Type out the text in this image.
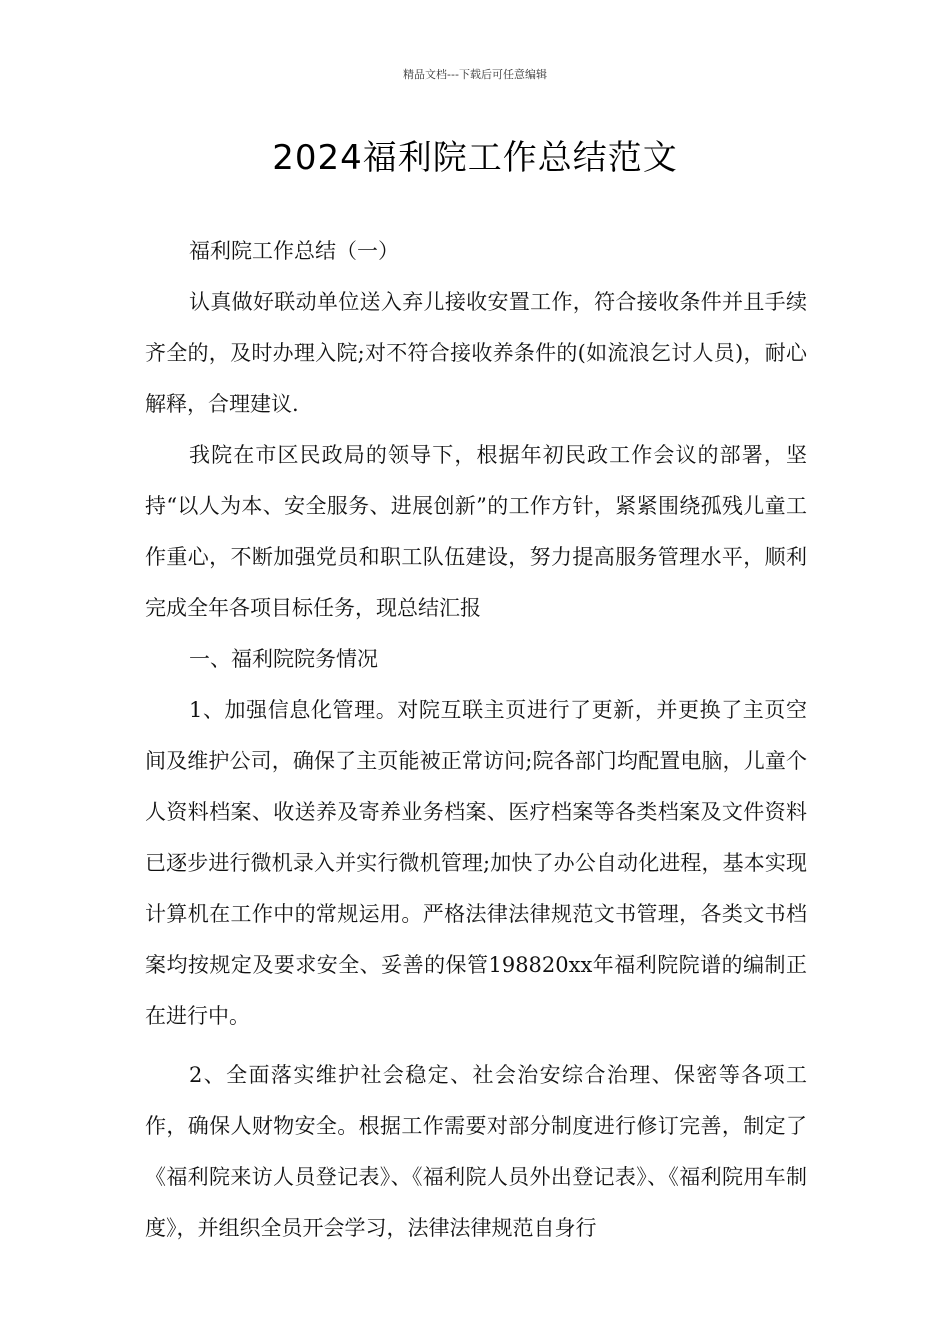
精品文档---下载后可任意编辑
2024福利院工作总结范文

福利院工作总结（一）

认真做好联动单位送入弃儿接收安置工作，符合接收条件并且手续齐全的，及时办理入院;对不符合接收养条件的(如流浪乞讨人员)，耐心解释，合理建议.

我院在市区民政局的领导下，根据年初民政工作会议的部署，坚持“以人为本、安全服务、进展创新”的工作方针，紧紧围绕孤残儿童工作重心，不断加强党员和职工队伍建设，努力提高服务管理水平，顺利完成全年各项目标任务，现总结汇报

一、福利院院务情况

1、加强信息化管理。对院互联主页进行了更新，并更换了主页空间及维护公司，确保了主页能被正常访问;院各部门均配置电脑，儿童个人资料档案、收送养及寄养业务档案、医疗档案等各类档案及文件资料已逐步进行微机录入并实行微机管理;加快了办公自动化进程，基本实现计算机在工作中的常规运用。严格法律法律规范文书管理，各类文书档案均按规定及要求安全、妥善的保管198820xx年福利院院谱的编制正在进行中。

2、全面落实维护社会稳定、社会治安综合治理、保密等各项工作，确保人财物安全。根据工作需要对部分制度进行修订完善，制定了《福利院来访人员登记表》、《福利院人员外出登记表》、《福利院用车制度》，并组织全员开会学习，法律法律规范自身行
